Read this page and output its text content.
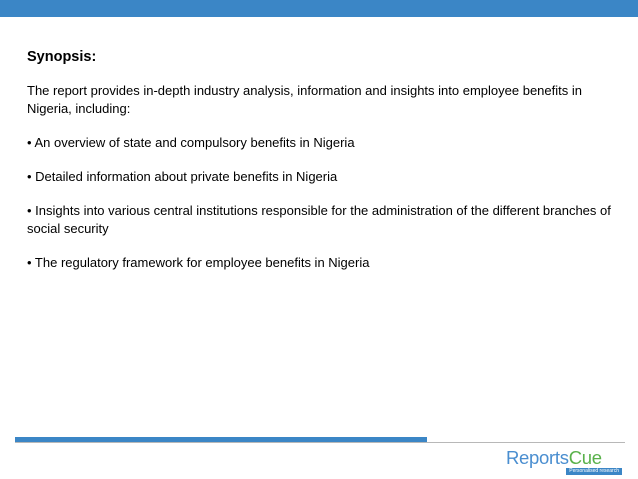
Synopsis:
The report provides in-depth industry analysis, information and insights into employee benefits in Nigeria, including:
• An overview of state and compulsory benefits in Nigeria
• Detailed information about private benefits in Nigeria
• Insights into various central institutions responsible for the administration of the different branches of social security
• The regulatory framework for employee benefits in Nigeria
ReportsCue
Personalised research
